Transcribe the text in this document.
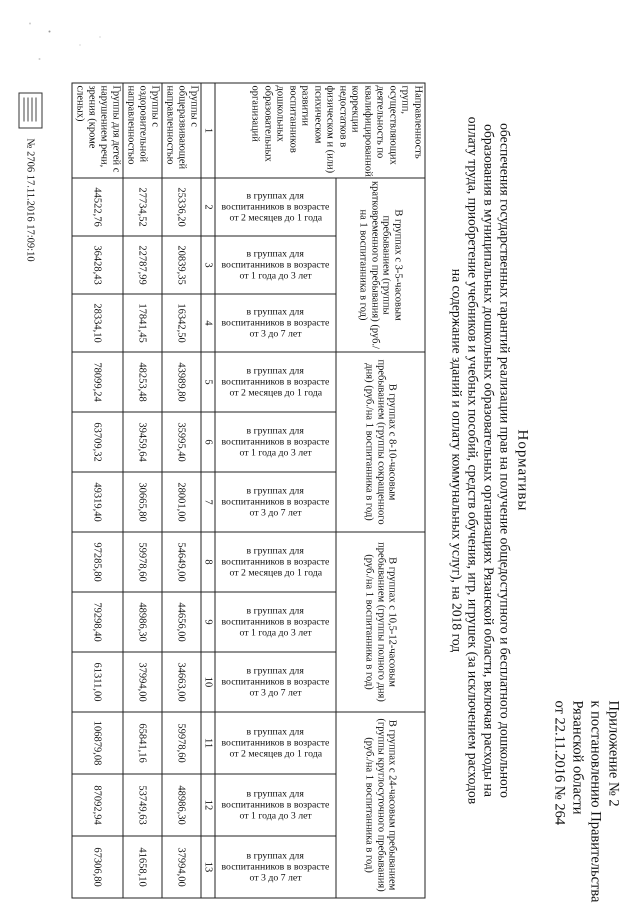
Приложение № 2
к постановлению Правительства
Рязанской области
от 22.11.2016 № 264
Нормативы
обеспечения государственных гарантий реализации прав на получение общедоступного и бесплатного дошкольного образования в муниципальных дошкольных образовательных организациях Рязанской области, включая расходы на оплату труда, приобретение учебников и учебных пособий, средств обучения, игр, игрушек (за исключением расходов на содержание зданий и оплату коммунальных услуг), на 2018 год
Направленность групп, осуществляющих деятельность по квалифицированной коррекции недостатков в физическом и (или) психическом развитии воспитанников дошкольных образовательных организаций	В группах с 3-5-часовым пребыванием (группы кратковременного пребывания) (руб./на 1 воспитанника в год)			В группах с 8-10-часовым пребыванием (группы сокращенного дня) (руб./на 1 воспитанника в год)			В группах с 10,5-12-часовым пребыванием (группы полного дня) (руб./на 1 воспитанника в год)			В группах с 24-часовым пребыванием (группы круглосуточного пребывания) (руб./на 1 воспитанника в год)		

в группах для воспитанников в возрасте от 2 месяцев до 1 года	в группах для воспитанников в возрасте от 1 года до 3 лет	в группах для воспитанников в возрасте от 3 до 7 лет	в группах для воспитанников в возрасте от 2 месяцев до 1 года	в группах для воспитанников в возрасте от 1 года до 3 лет	в группах для воспитанников в возрасте от 3 до 7 лет	в группах для воспитанников в возрасте от 2 месяцев до 1 года	в группах для воспитанников в возрасте от 1 года до 3 лет	в группах для воспитанников в возрасте от 3 до 7 лет	в группах для воспитанников в возрасте от 2 месяцев до 1 года	в группах для воспитанников в возрасте от 1 года до 3 лет	в группах для воспитанников в возрасте от 3 до 7 лет

1	2	3	4	5	6	7	8	9	10	11	12	13
Группы с общеразвивающей направленностью	25336,20	20839,35	16342,50	43989,80	35995,40	28001,00	54649,00	44656,00	34663,00	59978,60	48986,30	37994,00
Группы с оздоровительной направленностью	27734,52	22787,99	17841,45	48253,48	39459,64	30665,80	59978,60	48986,30	37994,00	65841,16	53749,63	41658,10
Группы для детей с нарушением речи, зрения (кроме сленых)	44522,76	36428,43	28334,10	78099,24	63709,32	49319,40	97285,80	79298,40	61311,00	106879,08	87092,94	67306,80
№ 2706 17.11.2016 17:09:10
